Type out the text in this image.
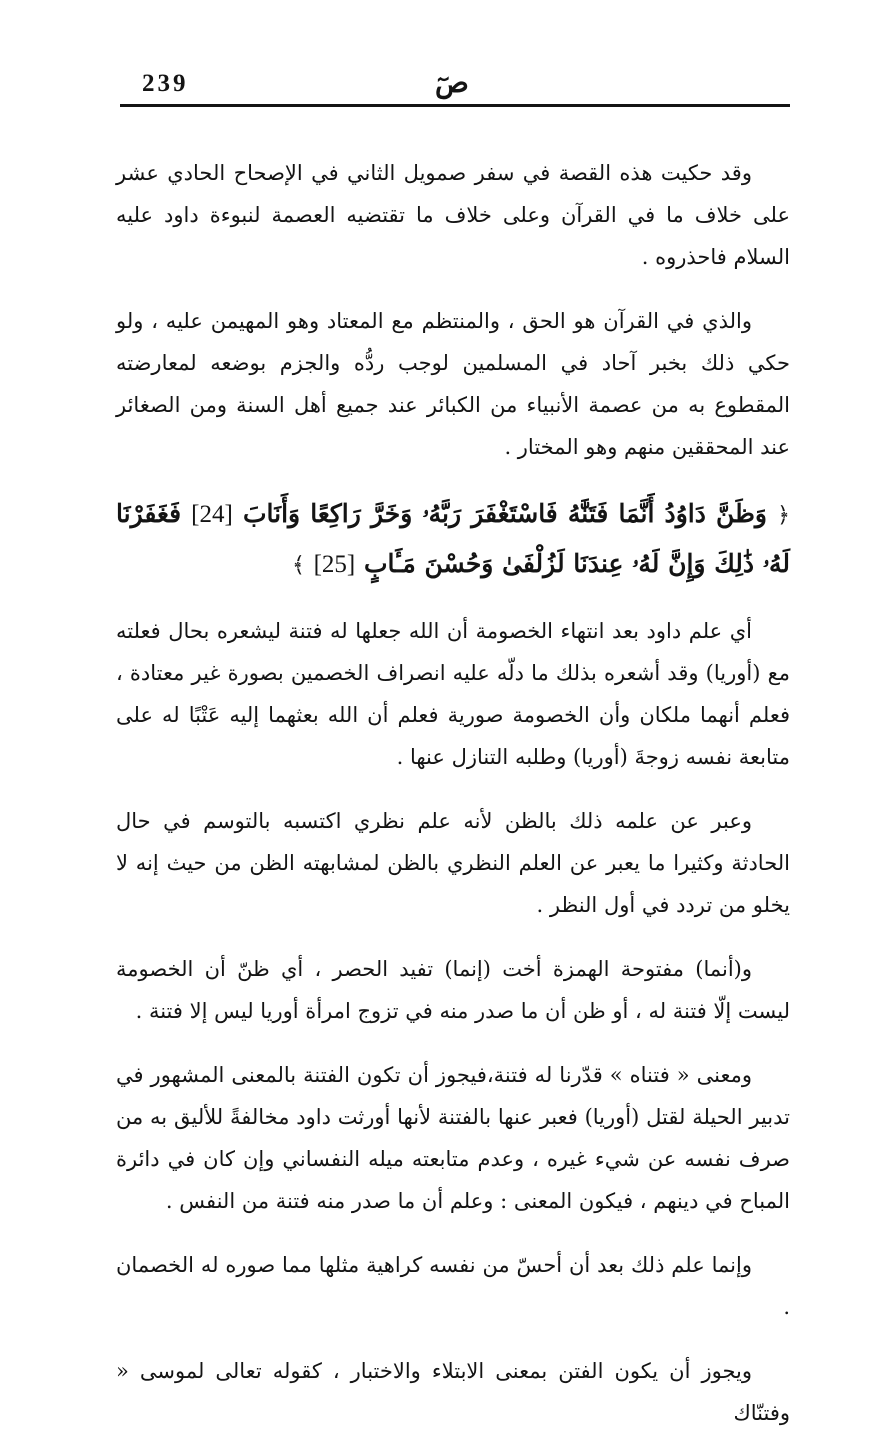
239	صٓ

وقد حكيت هذه القصة في سفر صمويل الثاني في الإصحاح الحادي عشر على خلاف ما في القرآن وعلى خلاف ما تقتضيه العصمة لنبوءة داود عليه السلام فاحذروه .

والذي في القرآن هو الحق ، والمنتظم مع المعتاد وهو المهيمن عليه ، ولو حكي ذلك بخبر آحاد في المسلمين لوجب ردُّه والجزم بوضعه لمعارضته المقطوع به من عصمة الأنبياء من الكبائر عند جميع أهل السنة ومن الصغائر عند المحققين منهم وهو المختار .

﴿ وَظَنَّ دَاوُدُ أَنَّمَا فَتَنَّٰهُ فَاسْتَغْفَرَ رَبَّهُۥ وَخَرَّ رَاكِعًا وَأَنَابَ [24] فَغَفَرْنَا لَهُۥ ذَٰلِكَ وَإِنَّ لَهُۥ عِندَنَا لَزُلْفَىٰ وَحُسْنَ مَـَٔابٍ [25] ﴾

أي علم داود بعد انتهاء الخصومة أن الله جعلها له فتنة ليشعره بحال فعلته مع (أوريا) وقد أشعره بذلك ما دلّه عليه انصراف الخصمين بصورة غير معتادة ، فعلم أنهما ملكان وأن الخصومة صورية فعلم أن الله بعثهما إليه عَتْبًا له على متابعة نفسه زوجةَ (أوريا) وطلبه التنازل عنها .

وعبر عن علمه ذلك بالظن لأنه علم نظري اكتسبه بالتوسم في حال الحادثة وكثيرا ما يعبر عن العلم النظري بالظن لمشابهته الظن من حيث إنه لا يخلو من تردد في أول النظر .

و(أنما) مفتوحة الهمزة أخت (إنما) تفيد الحصر ، أي ظنّ أن الخصومة ليست إلّا فتنة له ، أو ظن أن ما صدر منه في تزوج امرأة أوريا ليس إلا فتنة .

ومعنى « فتناه » قدّرنا له فتنة،فيجوز أن تكون الفتنة بالمعنى المشهور في تدبير الحيلة لقتل (أوريا) فعبر عنها بالفتنة لأنها أورثت داود مخالفةً للأليق به من صرف نفسه عن شيء غيره ، وعدم متابعته ميله النفساني وإن كان في دائرة المباح في دينهم ، فيكون المعنى : وعلم أن ما صدر منه فتنة من النفس .

وإنما علم ذلك بعد أن أحسّ من نفسه كراهية مثلها مما صوره له الخصمان .

ويجوز أن يكون الفتن بمعنى الابتلاء والاختبار ، كقوله تعالى لموسى « وفتنّاك
